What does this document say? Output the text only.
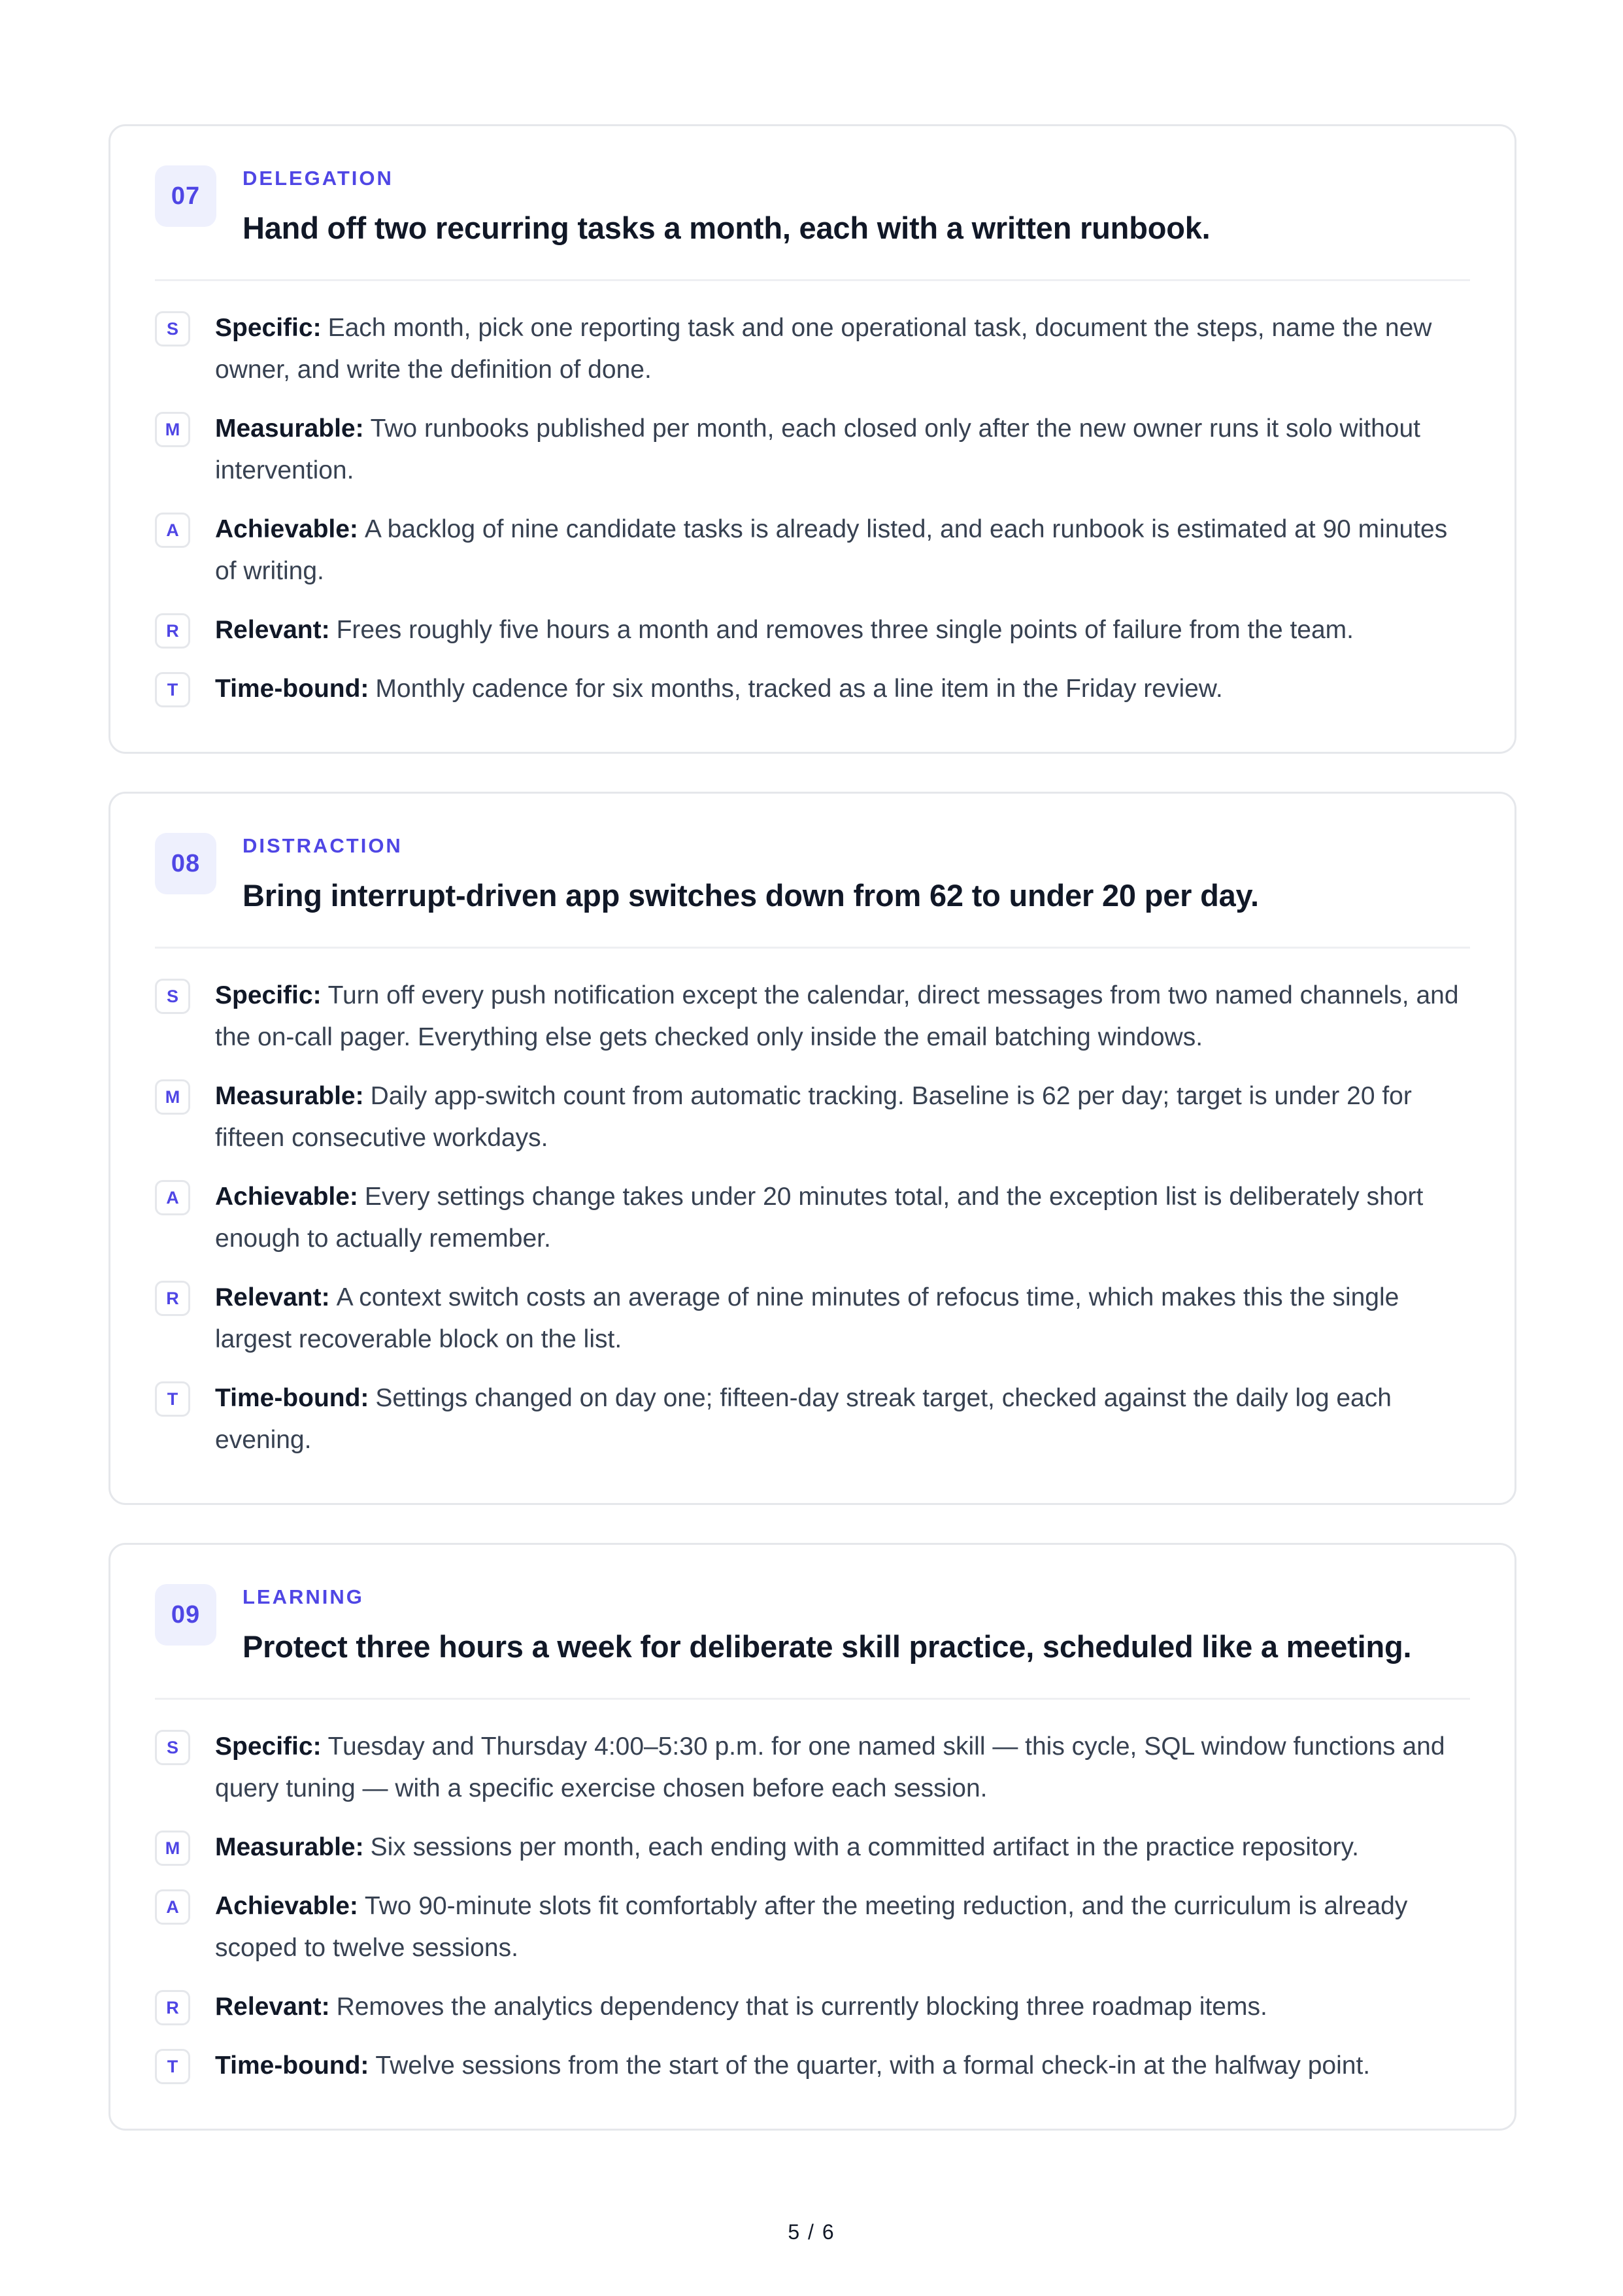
07
DELEGATION
Hand off two recurring tasks a month, each with a written runbook.
S	Specific: Each month, pick one reporting task and one operational task, document the steps, name the new owner, and write the definition of done.
M	Measurable: Two runbooks published per month, each closed only after the new owner runs it solo without intervention.
A	Achievable: A backlog of nine candidate tasks is already listed, and each runbook is estimated at 90 minutes of writing.
R	Relevant: Frees roughly five hours a month and removes three single points of failure from the team.
T	Time-bound: Monthly cadence for six months, tracked as a line item in the Friday review.
08
DISTRACTION
Bring interrupt-driven app switches down from 62 to under 20 per day.
S	Specific: Turn off every push notification except the calendar, direct messages from two named channels, and the on-call pager. Everything else gets checked only inside the email batching windows.
M	Measurable: Daily app-switch count from automatic tracking. Baseline is 62 per day; target is under 20 for fifteen consecutive workdays.
A	Achievable: Every settings change takes under 20 minutes total, and the exception list is deliberately short enough to actually remember.
R	Relevant: A context switch costs an average of nine minutes of refocus time, which makes this the single largest recoverable block on the list.
T	Time-bound: Settings changed on day one; fifteen-day streak target, checked against the daily log each evening.
09
LEARNING
Protect three hours a week for deliberate skill practice, scheduled like a meeting.
S	Specific: Tuesday and Thursday 4:00–5:30 p.m. for one named skill — this cycle, SQL window functions and query tuning — with a specific exercise chosen before each session.
M	Measurable: Six sessions per month, each ending with a committed artifact in the practice repository.
A	Achievable: Two 90-minute slots fit comfortably after the meeting reduction, and the curriculum is already scoped to twelve sessions.
R	Relevant: Removes the analytics dependency that is currently blocking three roadmap items.
T	Time-bound: Twelve sessions from the start of the quarter, with a formal check-in at the halfway point.
5 / 6
